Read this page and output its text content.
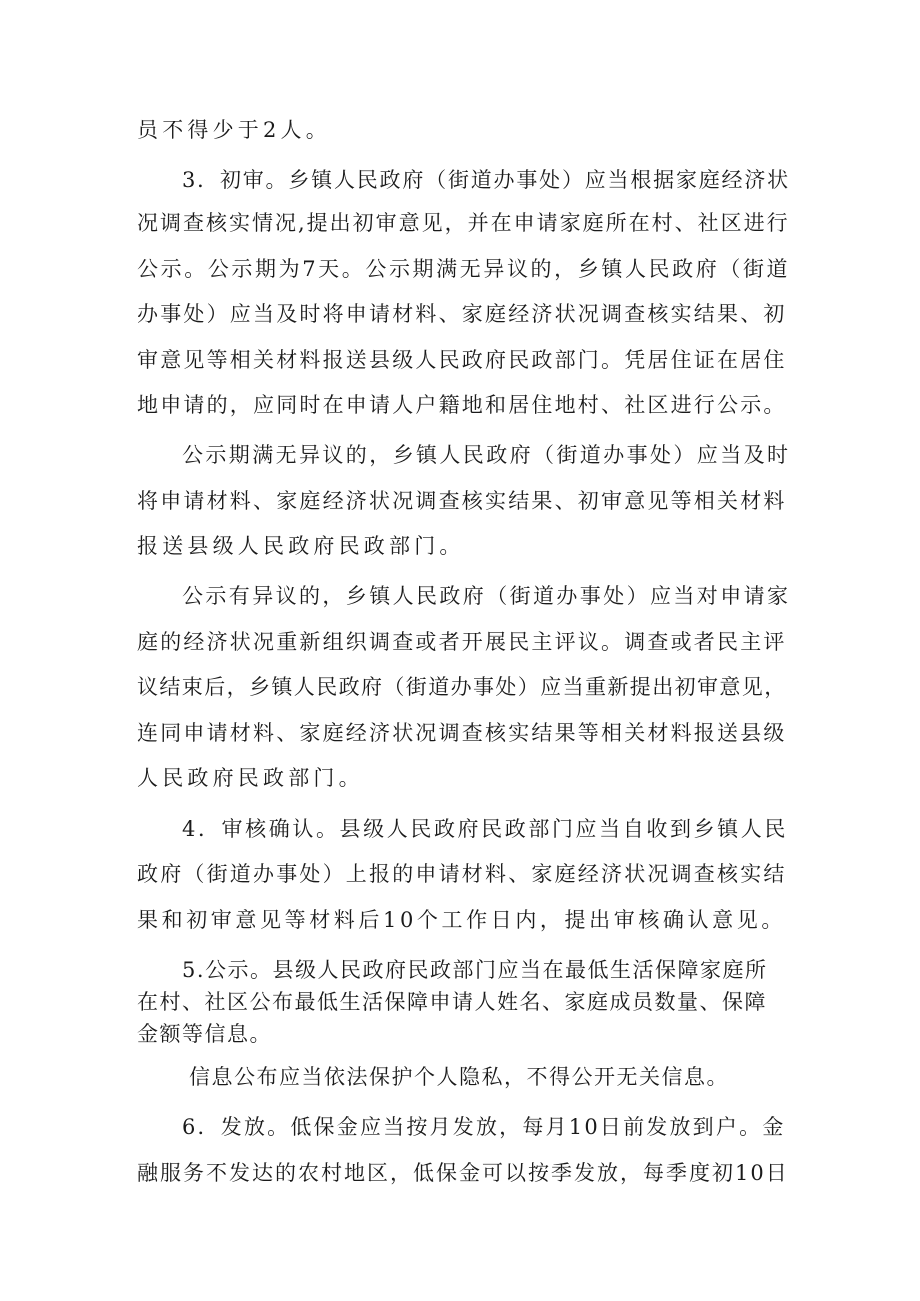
员不得少于2人。
3．初审。乡镇人民政府（街道办事处）应当根据家庭经济状
况调查核实情况,提出初审意见，并在申请家庭所在村、社区进行
公示。公示期为7天。公示期满无异议的，乡镇人民政府（街道
办事处）应当及时将申请材料、家庭经济状况调查核实结果、初
审意见等相关材料报送县级人民政府民政部门。凭居住证在居住
地申请的，应同时在申请人户籍地和居住地村、社区进行公示。
公示期满无异议的，乡镇人民政府（街道办事处）应当及时
将申请材料、家庭经济状况调查核实结果、初审意见等相关材料
报送县级人民政府民政部门。
公示有异议的，乡镇人民政府（街道办事处）应当对申请家
庭的经济状况重新组织调查或者开展民主评议。调查或者民主评
议结束后，乡镇人民政府（街道办事处）应当重新提出初审意见，
连同申请材料、家庭经济状况调查核实结果等相关材料报送县级
人民政府民政部门。
4．审核确认。县级人民政府民政部门应当自收到乡镇人民
政府（街道办事处）上报的申请材料、家庭经济状况调查核实结
果和初审意见等材料后10个工作日内，提出审核确认意见。
5.公示。县级人民政府民政部门应当在最低生活保障家庭所
在村、社区公布最低生活保障申请人姓名、家庭成员数量、保障
金额等信息。
信息公布应当依法保护个人隐私，不得公开无关信息。
6．发放。低保金应当按月发放，每月10日前发放到户。金
融服务不发达的农村地区，低保金可以按季发放，每季度初10日
